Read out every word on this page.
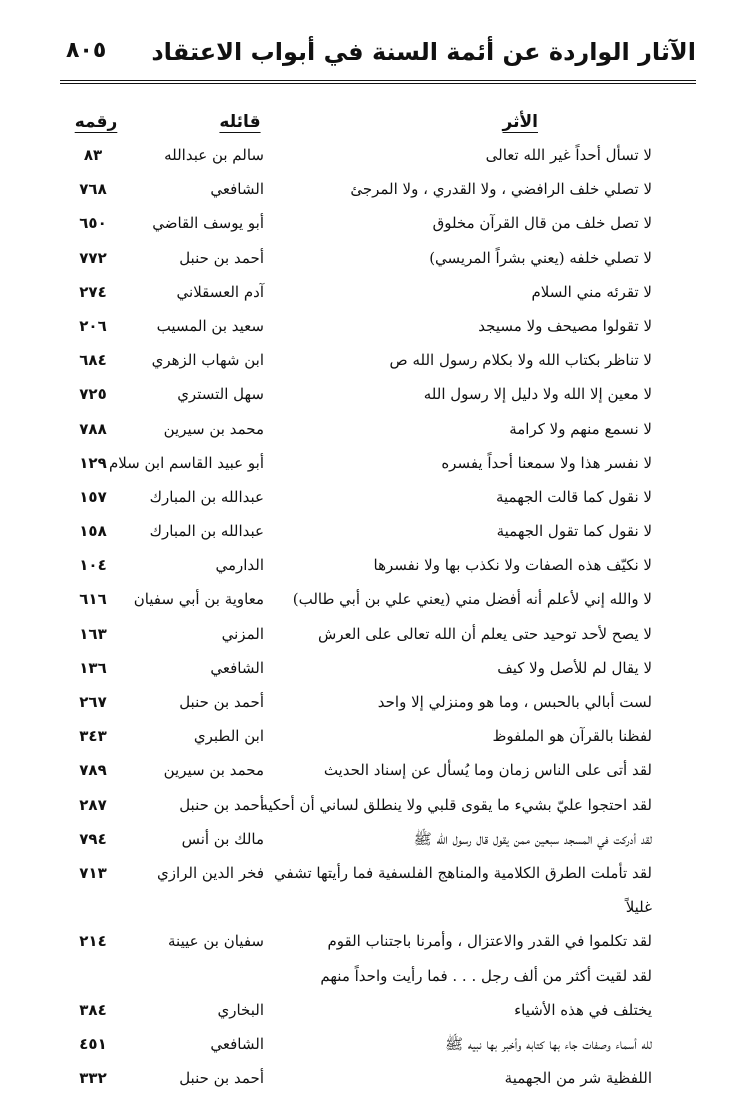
الآثار الواردة عن أئمة السنة في أبواب الاعتقاد
٨٠٥
الأثر
قائله
رقمه
لا تسأل أحداً غير الله تعالى
سالم بن عبدالله
٨٣
لا تصلي خلف الرافضي ، ولا القدري ، ولا المرجئ
الشافعي
٧٦٨
لا تصل خلف من قال القرآن مخلوق
أبو يوسف القاضي
٦٥٠
لا تصلي خلفه (يعني بشراً المريسي)
أحمد بن حنبل
٧٧٢
لا تقرئه مني السلام
آدم العسقلاني
٢٧٤
لا تقولوا مصيحف ولا مسيجد
سعيد بن المسيب
٢٠٦
لا تناظر بكتاب الله ولا بكلام رسول الله ص
ابن شهاب الزهري
٦٨٤
لا معين إلا الله ولا دليل إلا رسول الله
سهل التستري
٧٢٥
لا نسمع منهم ولا كرامة
محمد بن سيرين
٧٨٨
لا نفسر هذا ولا سمعنا أحداً يفسره
أبو عبيد القاسم ابن سلام
١٢٩
لا نقول كما قالت الجهمية
عبدالله بن المبارك
١٥٧
لا نقول كما تقول الجهمية
عبدالله بن المبارك
١٥٨
لا نكيّف هذه الصفات ولا نكذب بها ولا نفسرها
الدارمي
١٠٤
لا والله إني لأعلم أنه أفضل مني (يعني علي بن أبي طالب)
معاوية بن أبي سفيان
٦١٦
لا يصح لأحد توحيد حتى يعلم أن الله تعالى على العرش
المزني
١٦٣
لا يقال لم للأصل ولا كيف
الشافعي
١٣٦
لست أبالي بالحبس ، وما هو ومنزلي إلا واحد
أحمد بن حنبل
٢٦٧
لفظنا بالقرآن هو الملفوظ
ابن الطبري
٣٤٣
لقد أتى على الناس زمان وما يُسأل عن إسناد الحديث
محمد بن سيرين
٧٨٩
لقد احتجوا عليّ بشيء ما يقوى قلبي ولا ينطلق لساني أن أحكيه
أحمد بن حنبل
٢٨٧
لقد أدركت في المسجد سبعين ممن يقول قال رسول الله ﷺ
مالك بن أنس
٧٩٤
لقد تأملت الطرق الكلامية والمناهج الفلسفية فما رأيتها تشفي
فخر الدين الرازي
٧١٣
غليلاً
لقد تكلموا في القدر والاعتزال ، وأمرنا باجتناب القوم
سفيان بن عيينة
٢١٤
لقد لقيت أكثر من ألف رجل . . . فما رأيت واحداً منهم
يختلف في هذه الأشياء
البخاري
٣٨٤
لله أسماء وصفات جاء بها كتابه وأخبر بها نبيه ﷺ
الشافعي
٤٥١
اللفظية شر من الجهمية
أحمد بن حنبل
٣٣٢
